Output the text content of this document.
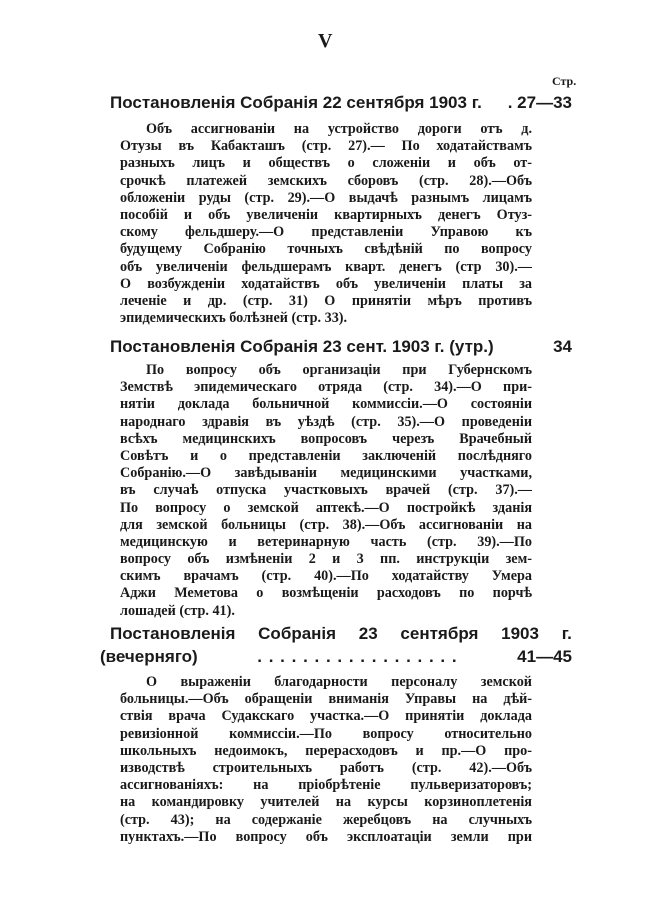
V
Стр.
Постановленія Собранія 22 сентября 1903 г. . 27—33
Объ ассигнованіи на устройство дороги отъ д.
Отузы въ Кабакташъ (стр. 27).— По ходатайствамъ
разныхъ лицъ и обществъ о сложеніи и объ от-
срочкѣ платежей земскихъ сборовъ (стр. 28).—Объ
обложеніи руды (стр. 29).—О выдачѣ разнымъ лицамъ
пособій и объ увеличеніи квартирныхъ денегъ Отуз-
скому фельдшеру.—О представленіи Управою къ
будущему Собранію точныхъ свѣдѣній по вопросу
объ увеличеніи фельдшерамъ кварт. денегъ (стр 30).—
О возбужденіи ходатайствъ объ увеличеніи платы за
леченіе и др. (стр. 31) О принятіи мѣръ противъ
эпидемическихъ болѣзней (стр. 33).
Постановленія Собранія 23 сент. 1903 г. (утр.)	34
По вопросу объ организаціи при Губернскомъ
Земствѣ эпидемическаго отряда (стр. 34).—О при-
нятіи доклада больничной коммиссіи.—О состояніи
народнаго здравія въ уѣздѣ (стр. 35).—О проведеніи
всѣхъ медицинскихъ вопросовъ черезъ Врачебный
Совѣтъ и о представленіи заключеній послѣдняго
Собранію.—О завѣдываніи медицинскими участками,
въ случаѣ отпуска участковыхъ врачей (стр. 37).—
По вопросу о земской аптекѣ.—О постройкѣ зданія
для земской больницы (стр. 38).—Объ ассигнованіи на
медицинскую и ветеринарную часть (стр. 39).—По
вопросу объ измѣненіи 2 и 3 пп. инструкціи зем-
скимъ врачамъ (стр. 40).—По ходатайству Умера
Аджи Меметова о возмѣщеніи расходовъ по порчѣ
лошадей (стр. 41).
Постановленія Собранія 23 сентября 1903 г.
(вечерняго)	. . . . . . . . . . . . . . . . . .	41—45
О выраженіи благодарности персоналу земской
больницы.—Объ обращеніи вниманія Управы на дѣй-
ствія врача Судакскаго участка.—О принятіи доклада
ревизіонной коммиссіи.—По вопросу относительно
школьныхъ недоимокъ, перерасходовъ и пр.—О про-
изводствѣ строительныхъ работъ (стр. 42).—Объ
ассигнованіяхъ: на пріобрѣтеніе пульверизаторовъ;
на командировку учителей на курсы корзиноплетенія
(стр. 43); на содержаніе жеребцовъ на случныхъ
пунктахъ.—По вопросу объ эксплоатаціи земли при
